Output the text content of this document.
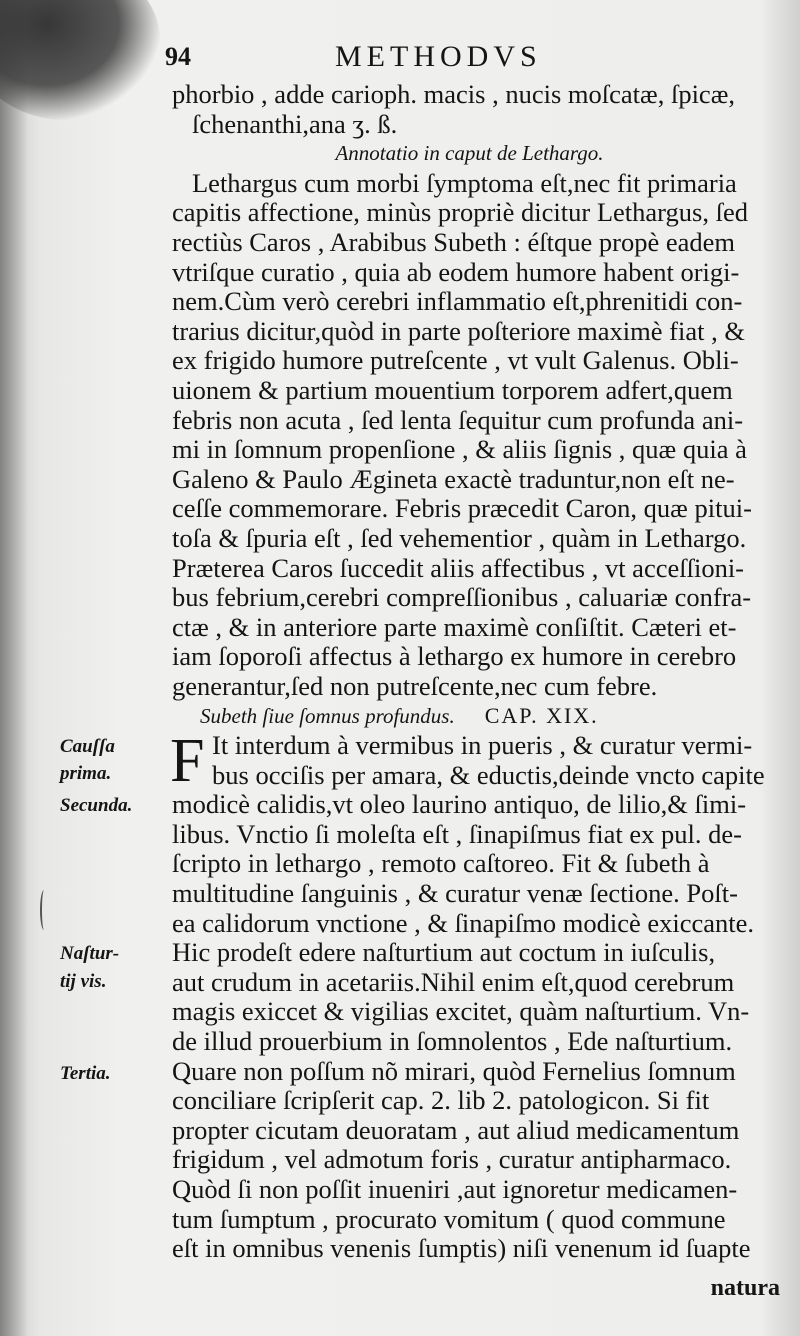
94	METHODVS
phorbio , adde carioph. macis , nucis moſcatæ, ſpicæ,
ſchenanthi,ana ʒ. ß.
Annotatio in caput de Lethargo.
Lethargus cum morbi ſymptoma eſt,nec fit primaria
capitis affectione, minùs propriè dicitur Lethargus, ſed
rectiùs Caros , Arabibus Subeth : éſtque propè eadem
vtriſque curatio , quia ab eodem humore habent origi-
nem.Cùm verò cerebri inflammatio eſt,phrenitidi con-
trarius dicitur,quòd in parte poſteriore maximè fiat , &
ex frigido humore putreſcente , vt vult Galenus. Obli-
uionem & partium mouentium torporem adfert,quem
febris non acuta , ſed lenta ſequitur cum profunda ani-
mi in ſomnum propenſione , & aliis ſignis , quæ quia à
Galeno & Paulo Ægineta exactè traduntur,non eſt ne-
ceſſe commemorare. Febris præcedit Caron, quæ pitui-
toſa & ſpuria eſt , ſed vehementior , quàm in Lethargo.
Præterea Caros ſuccedit aliis affectibus , vt acceſſioni-
bus febrium,cerebri compreſſionibus , caluariæ confra-
ctæ , & in anteriore parte maximè conſiſtit. Cæteri et-
iam ſoporoſi affectus à lethargo ex humore in cerebro
generantur,ſed non putreſcente,nec cum febre.
Subeth ſiue ſomnus profundus. CAP. XIX.
F It interdum à vermibus in pueris , & curatur vermi-
bus occiſis per amara, & eductis,deinde vncto capite
modicè calidis,vt oleo laurino antiquo, de lilio,& ſimi-
libus. Vnctio ſi moleſta eſt , ſinapiſmus fiat ex pul. de-
ſcripto in lethargo , remoto caſtoreo. Fit & ſubeth à
multitudine ſanguinis , & curatur venæ ſectione. Poſt-
ea calidorum vnctione , & ſinapiſmo modicè exiccante.
Hic prodeſt edere naſturtium aut coctum in iuſculis,
aut crudum in acetariis.Nihil enim eſt,quod cerebrum
magis exiccet & vigilias excitet, quàm naſturtium. Vn-
de illud prouerbium in ſomnolentos , Ede naſturtium.
Quare non poſſum nõ mirari, quòd Fernelius ſomnum
conciliare ſcripſerit cap. 2. lib 2. patologicon. Si fit
propter cicutam deuoratam , aut aliud medicamentum
frigidum , vel admotum foris , curatur antipharmaco.
Quòd ſi non poſſit inueniri ,aut ignoretur medicamen-
tum ſumptum , procurato vomitum ( quod commune
eſt in omnibus venenis ſumptis) niſi venenum id ſuapte
Cauſſa
prima.
Secunda.
Naſtur-
tij vis.
Tertia.
natura
